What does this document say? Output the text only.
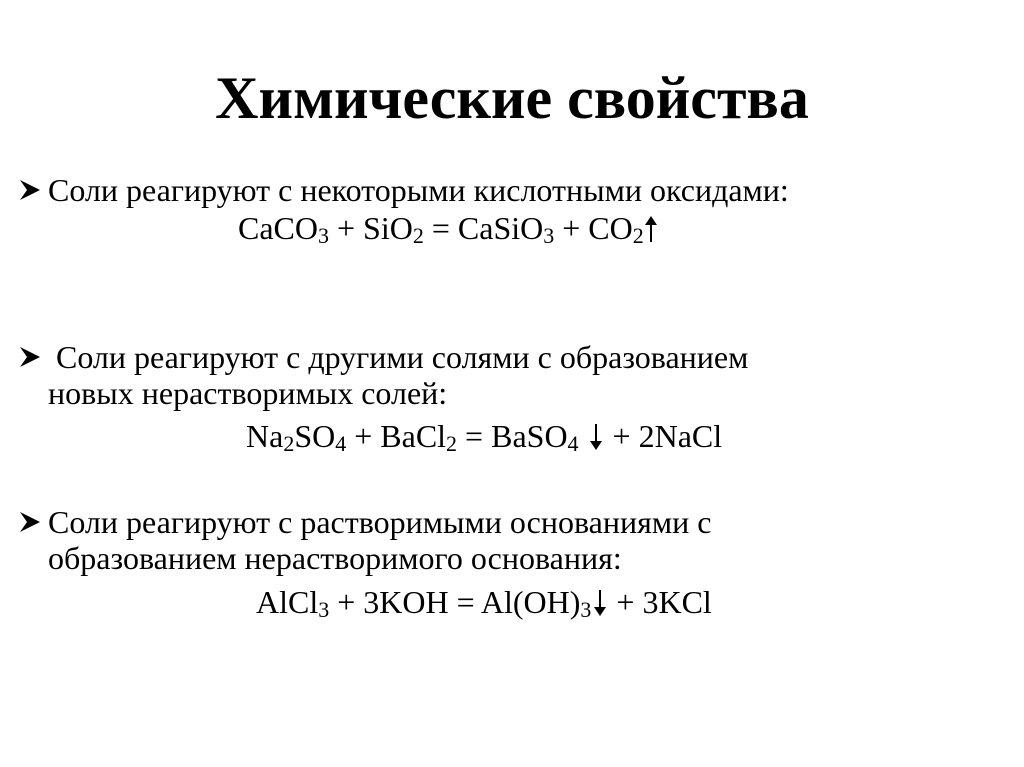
Химические свойства
Соли реагируют с некоторыми кислотными оксидами:
CaCO3 + SiO2 = CaSiO3 + CO2
Соли реагируют с другими солями с образованием
новых нерастворимых солей:
Na2SO4 + BaCl2 = BaSO4 + 2NaCl
Соли реагируют с растворимыми основаниями с
образованием нерастворимого основания:
AlCl3 + 3KOH = Al(OH)3 + 3KCl
